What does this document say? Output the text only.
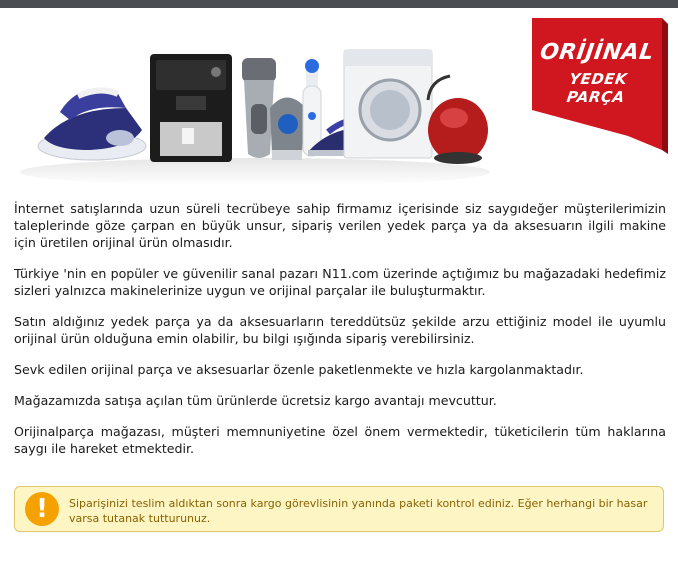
ORİJİNAL
YEDEK PARÇA

İnternet satışlarında uzun süreli tecrübeye sahip firmamız içerisinde siz saygıdeğer müşterilerimizin taleplerinde göze çarpan en büyük unsur, sipariş verilen yedek parça ya da aksesuarın ilgili makine için üretilen orijinal ürün olmasıdır.

Türkiye 'nin en popüler ve güvenilir sanal pazarı N11.com üzerinde açtığımız bu mağazadaki hedefimiz sizleri yalnızca makinelerinize uygun ve orijinal parçalar ile buluşturmaktır.

Satın aldığınız yedek parça ya da aksesuarların tereddütsüz şekilde arzu ettiğiniz model ile uyumlu orijinal ürün olduğuna emin olabilir, bu bilgi ışığında sipariş verebilirsiniz.

Sevk edilen orijinal parça ve aksesuarlar özenle paketlenmekte ve hızla kargolanmaktadır.

Mağazamızda satışa açılan tüm ürünlerde ücretsiz kargo avantajı mevcuttur.

Orijinalparça mağazası, müşteri memnuniyetine özel önem vermektedir, tüketicilerin tüm haklarına saygı ile hareket etmektedir.

!	Siparişinizi teslim aldıktan sonra kargo görevlisinin yanında paketi kontrol ediniz. Eğer herhangi bir hasar varsa tutanak tutturunuz.
